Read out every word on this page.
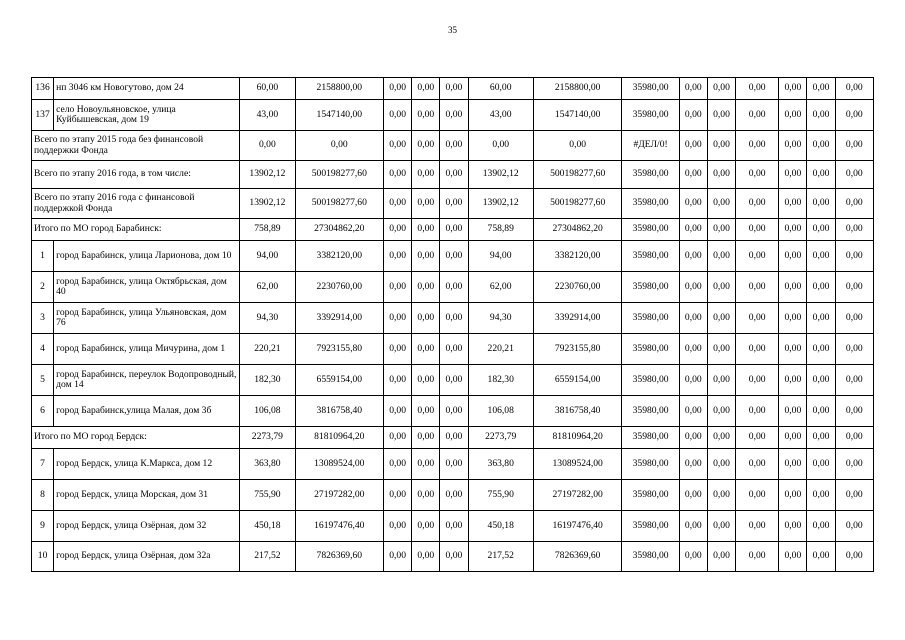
35
136	нп 3046 км Новогутово, дом 24	60,00	2158800,00	0,00	0,00	0,00	60,00	2158800,00	35980,00	0,00	0,00	0,00	0,00	0,00	0,00
137	село Новоульяновское, улица Куйбышевская, дом 19	43,00	1547140,00	0,00	0,00	0,00	43,00	1547140,00	35980,00	0,00	0,00	0,00	0,00	0,00	0,00
Всего по этапу 2015 года без финансовой поддержки Фонда		0,00	0,00	0,00	0,00	0,00	0,00	0,00	#ДЕЛ/0!	0,00	0,00	0,00	0,00	0,00	0,00
Всего по этапу 2016 года, в том числе:		13902,12	500198277,60	0,00	0,00	0,00	13902,12	500198277,60	35980,00	0,00	0,00	0,00	0,00	0,00	0,00
Всего по этапу 2016 года с финансовой поддержкой Фонда		13902,12	500198277,60	0,00	0,00	0,00	13902,12	500198277,60	35980,00	0,00	0,00	0,00	0,00	0,00	0,00
Итого по МО город Барабинск:		758,89	27304862,20	0,00	0,00	0,00	758,89	27304862,20	35980,00	0,00	0,00	0,00	0,00	0,00	0,00
1	город Барабинск, улица Ларионова, дом 10	94,00	3382120,00	0,00	0,00	0,00	94,00	3382120,00	35980,00	0,00	0,00	0,00	0,00	0,00	0,00
2	город Барабинск, улица Октябрьская, дом 40	62,00	2230760,00	0,00	0,00	0,00	62,00	2230760,00	35980,00	0,00	0,00	0,00	0,00	0,00	0,00
3	город Барабинск, улица Ульяновская, дом 76	94,30	3392914,00	0,00	0,00	0,00	94,30	3392914,00	35980,00	0,00	0,00	0,00	0,00	0,00	0,00
4	город Барабинск, улица Мичурина, дом 1	220,21	7923155,80	0,00	0,00	0,00	220,21	7923155,80	35980,00	0,00	0,00	0,00	0,00	0,00	0,00
5	город Барабинск, переулок Водопроводный, дом 14	182,30	6559154,00	0,00	0,00	0,00	182,30	6559154,00	35980,00	0,00	0,00	0,00	0,00	0,00	0,00
6	город Барабинск,улица Малая, дом 3б	106,08	3816758,40	0,00	0,00	0,00	106,08	3816758,40	35980,00	0,00	0,00	0,00	0,00	0,00	0,00
Итого по МО город Бердск:		2273,79	81810964,20	0,00	0,00	0,00	2273,79	81810964,20	35980,00	0,00	0,00	0,00	0,00	0,00	0,00
7	город Бердск, улица К.Маркса, дом 12	363,80	13089524,00	0,00	0,00	0,00	363,80	13089524,00	35980,00	0,00	0,00	0,00	0,00	0,00	0,00
8	город Бердск, улица Морская, дом 31	755,90	27197282,00	0,00	0,00	0,00	755,90	27197282,00	35980,00	0,00	0,00	0,00	0,00	0,00	0,00
9	город Бердск, улица Озёрная, дом 32	450,18	16197476,40	0,00	0,00	0,00	450,18	16197476,40	35980,00	0,00	0,00	0,00	0,00	0,00	0,00
10	город Бердск, улица Озёрная, дом 32а	217,52	7826369,60	0,00	0,00	0,00	217,52	7826369,60	35980,00	0,00	0,00	0,00	0,00	0,00	0,00
